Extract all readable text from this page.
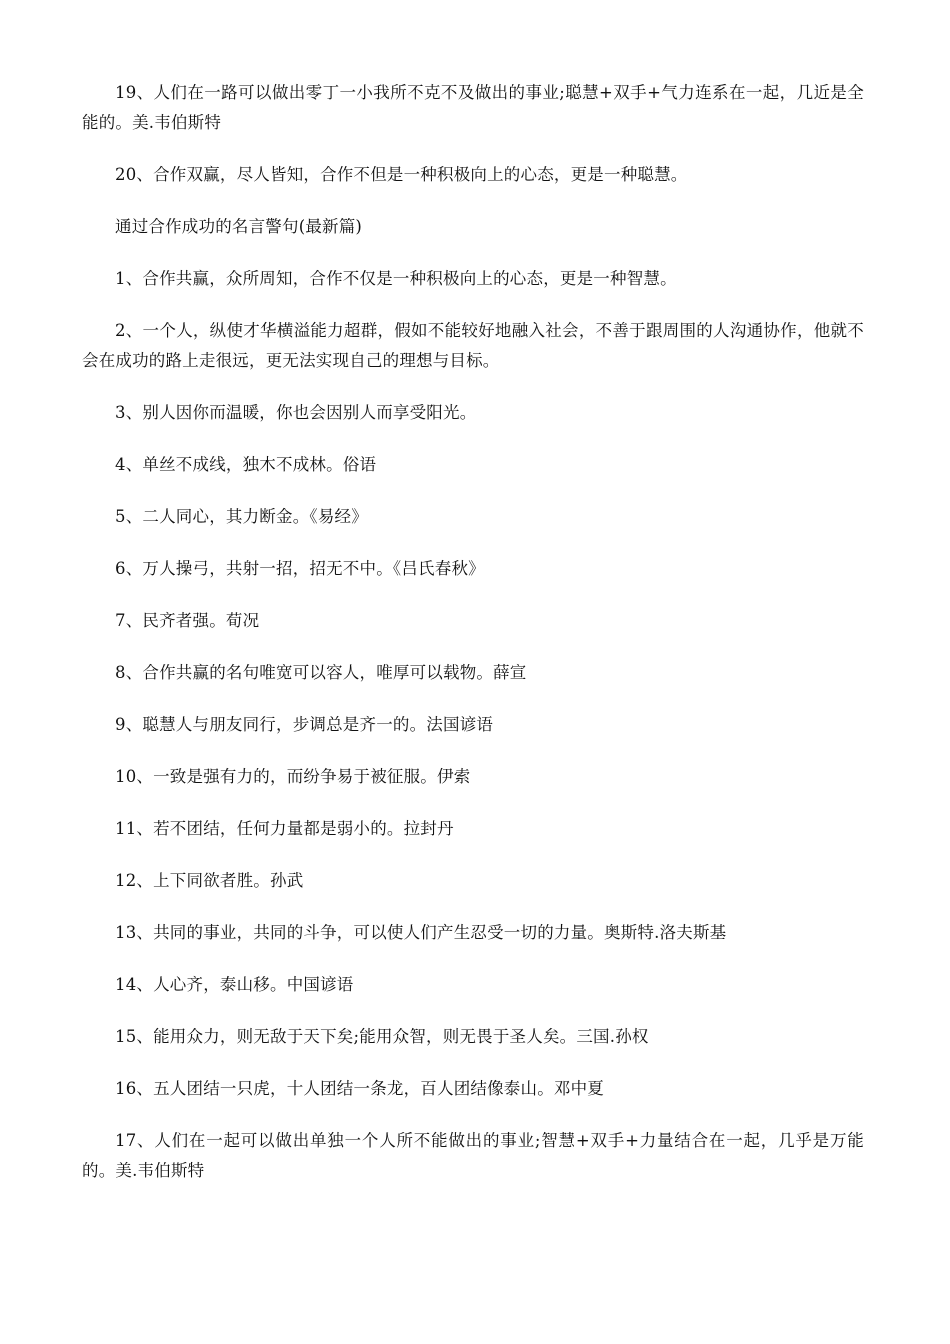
19、人们在一路可以做出零丁一小我所不克不及做出的事业;聪慧+双手+气力连系在一起，几近是全能的。美.韦伯斯特

20、合作双赢，尽人皆知，合作不但是一种积极向上的心态，更是一种聪慧。

通过合作成功的名言警句(最新篇)

1、合作共赢，众所周知，合作不仅是一种积极向上的心态，更是一种智慧。

2、一个人，纵使才华横溢能力超群，假如不能较好地融入社会，不善于跟周围的人沟通协作，他就不会在成功的路上走很远，更无法实现自己的理想与目标。

3、别人因你而温暖，你也会因别人而享受阳光。

4、单丝不成线，独木不成林。俗语

5、二人同心，其力断金。《易经》

6、万人操弓，共射一招，招无不中。《吕氏春秋》

7、民齐者强。荀况

8、合作共赢的名句唯宽可以容人，唯厚可以载物。薛宣

9、聪慧人与朋友同行，步调总是齐一的。法国谚语

10、一致是强有力的，而纷争易于被征服。伊索

11、若不团结，任何力量都是弱小的。拉封丹

12、上下同欲者胜。孙武

13、共同的事业，共同的斗争，可以使人们产生忍受一切的力量。奥斯特.洛夫斯基

14、人心齐，泰山移。中国谚语

15、能用众力，则无敌于天下矣;能用众智，则无畏于圣人矣。三国.孙权

16、五人团结一只虎，十人团结一条龙，百人团结像泰山。邓中夏

17、人们在一起可以做出单独一个人所不能做出的事业;智慧+双手+力量结合在一起，几乎是万能的。美.韦伯斯特
